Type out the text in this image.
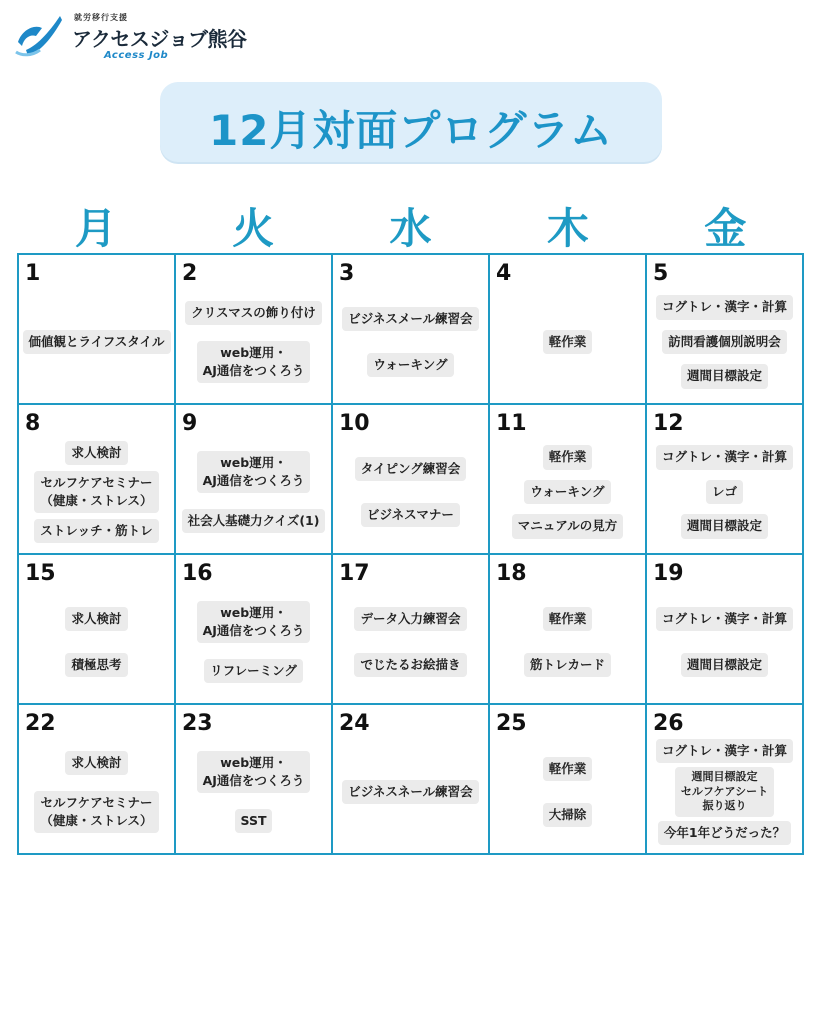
就労移行支援
アクセスジョブ熊谷
Access Job
12月対面プログラム
月	火	水	木	金
1
価値観とライフスタイル
2
クリスマスの飾り付け
web運用・
AJ通信をつくろう
3
ビジネスメール練習会
ウォーキング
4
軽作業
5
コグトレ・漢字・計算
訪問看護個別説明会
週間目標設定
8
求人検討
セルフケアセミナー
（健康・ストレス）
ストレッチ・筋トレ
9
web運用・
AJ通信をつくろう
社会人基礎力クイズ(1)
10
タイピング練習会
ビジネスマナー
11
軽作業
ウォーキング
マニュアルの見方
12
コグトレ・漢字・計算
レゴ
週間目標設定
15
求人検討
積極思考
16
web運用・
AJ通信をつくろう
リフレーミング
17
データ入力練習会
でじたるお絵描き
18
軽作業
筋トレカード
19
コグトレ・漢字・計算
週間目標設定
22
求人検討
セルフケアセミナー
（健康・ストレス）
23
web運用・
AJ通信をつくろう
SST
24
ビジネスネール練習会
25
軽作業
大掃除
26
コグトレ・漢字・計算
週間目標設定
セルフケアシート
振り返り
今年1年どうだった？
